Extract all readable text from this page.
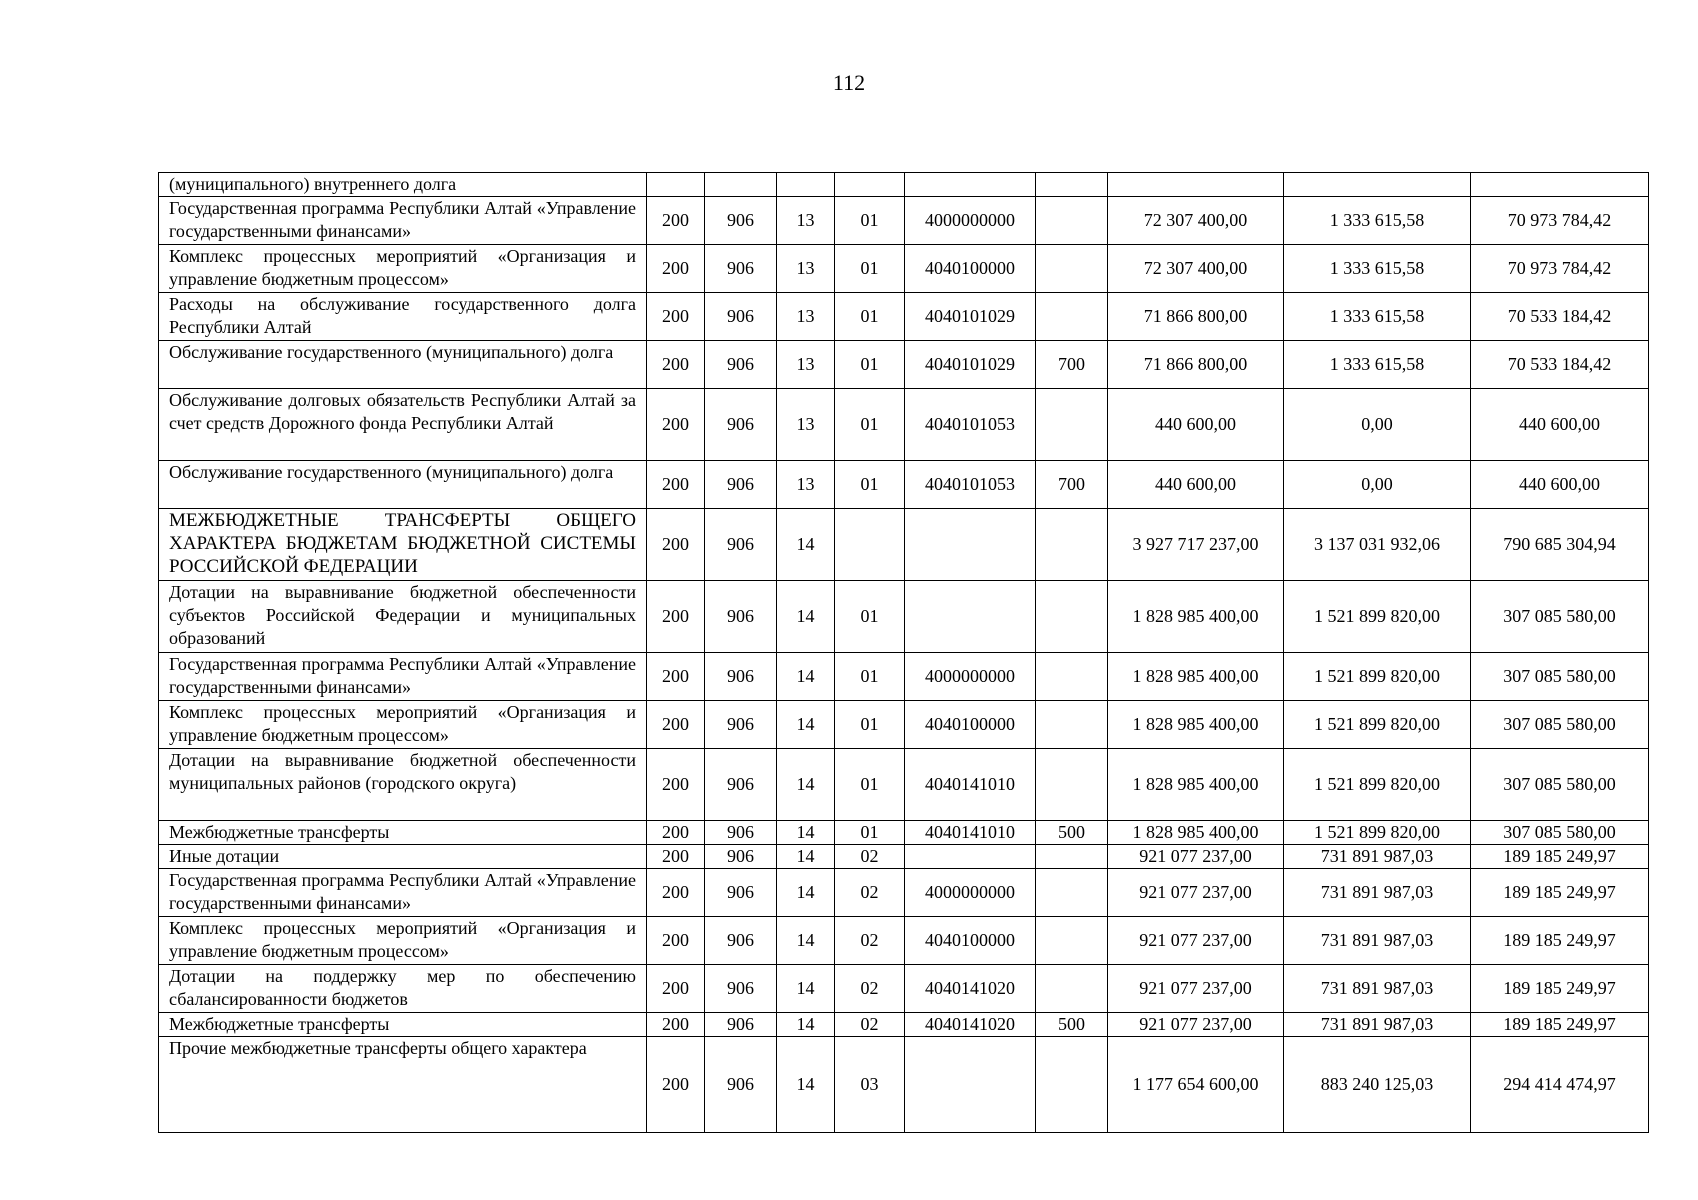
112
(муниципального) внутреннего долга									

Государственная программа Республики Алтай «Управление государственными финансами»	200	906	13	01	4000000000		72 307 400,00	1 333 615,58	70 973 784,42

Комплекс процессных мероприятий «Организация и управление бюджетным процессом»	200	906	13	01	4040100000		72 307 400,00	1 333 615,58	70 973 784,42

Расходы на обслуживание государственного долга Республики Алтай	200	906	13	01	4040101029		71 866 800,00	1 333 615,58	70 533 184,42

Обслуживание государственного (муниципального) долга	200	906	13	01	4040101029	700	71 866 800,00	1 333 615,58	70 533 184,42

Обслуживание долговых обязательств Республики Алтай за счет средств Дорожного фонда Республики Алтай	200	906	13	01	4040101053		440 600,00	0,00	440 600,00

Обслуживание государственного (муниципального) долга	200	906	13	01	4040101053	700	440 600,00	0,00	440 600,00

МЕЖБЮДЖЕТНЫЕ ТРАНСФЕРТЫ ОБЩЕГО ХАРАКТЕРА БЮДЖЕТАМ БЮДЖЕТНОЙ СИСТЕМЫ РОССИЙСКОЙ ФЕДЕРАЦИИ	200	906	14				3 927 717 237,00	3 137 031 932,06	790 685 304,94

Дотации на выравнивание бюджетной обеспеченности субъектов Российской Федерации и муниципальных образований	200	906	14	01			1 828 985 400,00	1 521 899 820,00	307 085 580,00

Государственная программа Республики Алтай «Управление государственными финансами»	200	906	14	01	4000000000		1 828 985 400,00	1 521 899 820,00	307 085 580,00

Комплекс процессных мероприятий «Организация и управление бюджетным процессом»	200	906	14	01	4040100000		1 828 985 400,00	1 521 899 820,00	307 085 580,00

Дотации на выравнивание бюджетной обеспеченности муниципальных районов (городского округа)	200	906	14	01	4040141010		1 828 985 400,00	1 521 899 820,00	307 085 580,00

Межбюджетные трансферты	200	906	14	01	4040141010	500	1 828 985 400,00	1 521 899 820,00	307 085 580,00

Иные дотации	200	906	14	02			921 077 237,00	731 891 987,03	189 185 249,97

Государственная программа Республики Алтай «Управление государственными финансами»	200	906	14	02	4000000000		921 077 237,00	731 891 987,03	189 185 249,97

Комплекс процессных мероприятий «Организация и управление бюджетным процессом»	200	906	14	02	4040100000		921 077 237,00	731 891 987,03	189 185 249,97

Дотации на поддержку мер по обеспечению сбалансированности бюджетов	200	906	14	02	4040141020		921 077 237,00	731 891 987,03	189 185 249,97

Межбюджетные трансферты	200	906	14	02	4040141020	500	921 077 237,00	731 891 987,03	189 185 249,97

Прочие межбюджетные трансферты общего характера	200	906	14	03			1 177 654 600,00	883 240 125,03	294 414 474,97
